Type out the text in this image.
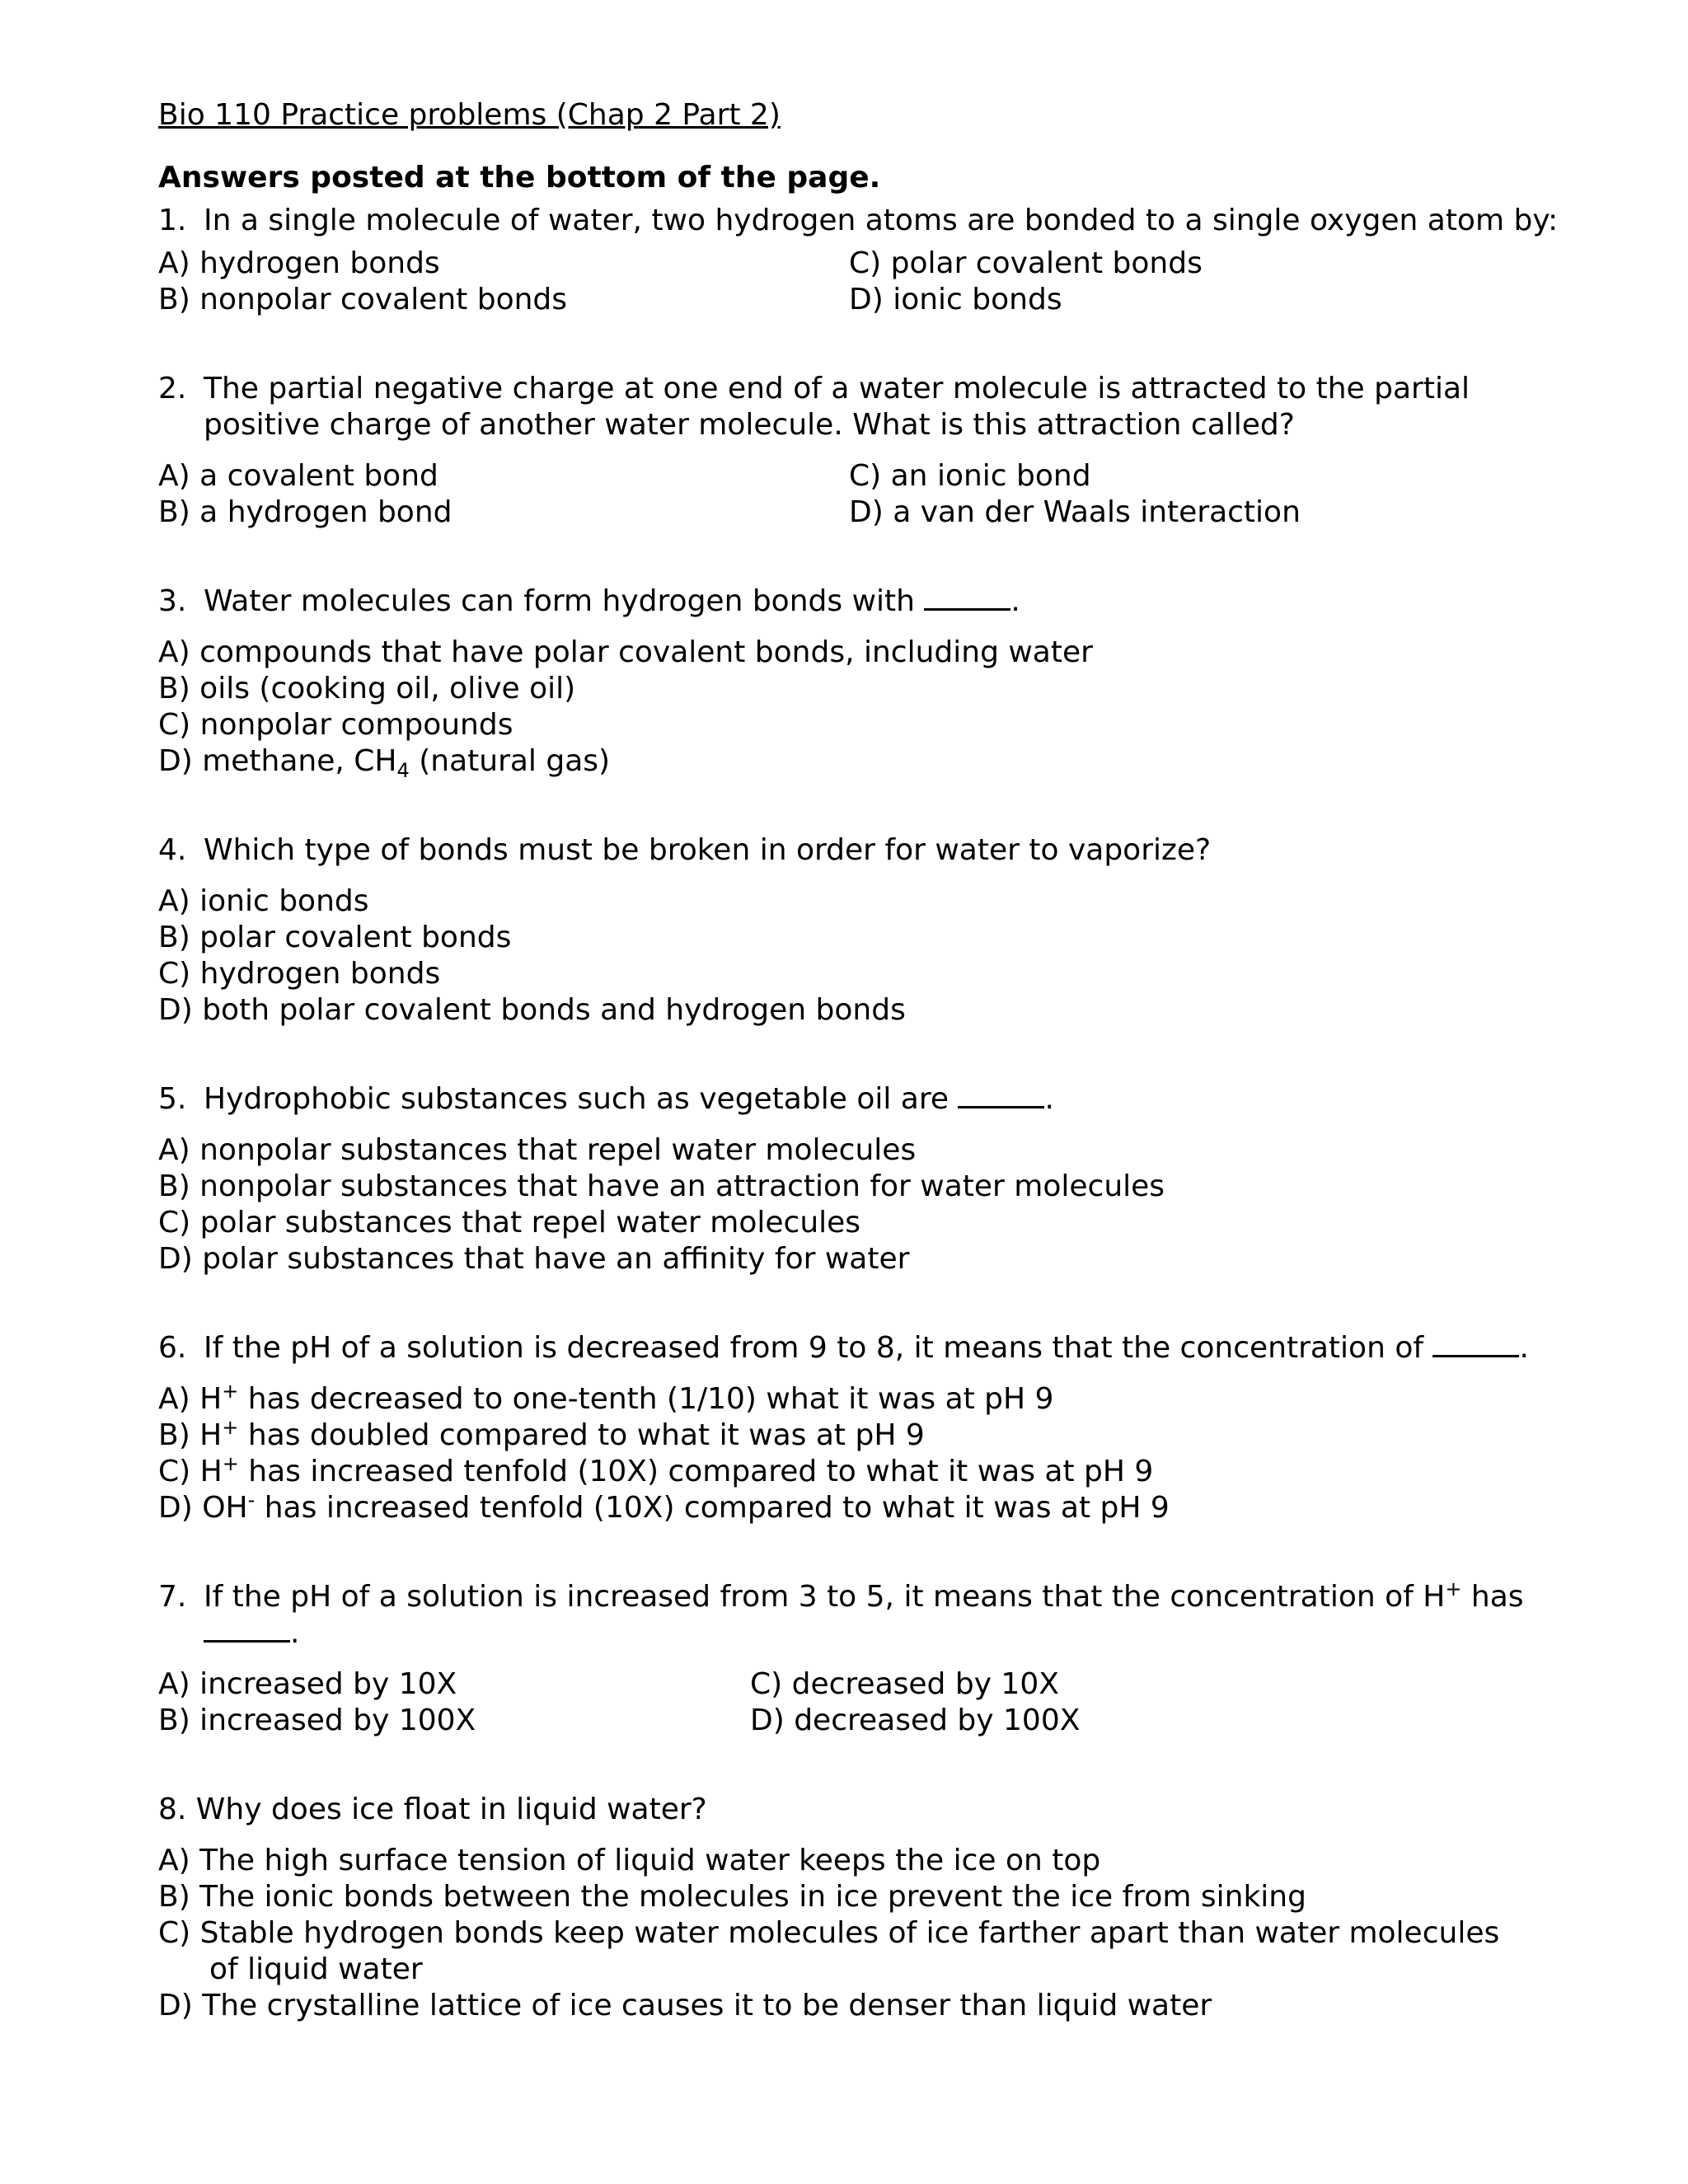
Bio 110 Practice problems (Chap 2 Part 2)

Answers posted at the bottom of the page.

1. In a single molecule of water, two hydrogen atoms are bonded to a single oxygen atom by:

A) hydrogen bonds	C) polar covalent bonds

B) nonpolar covalent bonds	D) ionic bonds

2. The partial negative charge at one end of a water molecule is attracted to the partial positive charge of another water molecule. What is this attraction called?

A) a covalent bond	C) an ionic bond

B) a hydrogen bond	D) a van der Waals interaction

3. Water molecules can form hydrogen bonds with	.

A) compounds that have polar covalent bonds, including water

B) oils (cooking oil, olive oil)

C) nonpolar compounds

D) methane, $CH_4$ (natural gas)

4. Which type of bonds must be broken in order for water to vaporize?

A) ionic bonds

B) polar covalent bonds

C) hydrogen bonds

D) both polar covalent bonds and hydrogen bonds

5. Hydrophobic substances such as vegetable oil are	.

A) nonpolar substances that repel water molecules

B) nonpolar substances that have an attraction for water molecules

C) polar substances that repel water molecules

D) polar substances that have an affinity for water

6. If the pH of a solution is decreased from 9 to 8, it means that the concentration of	.

A) H+ has decreased to one-tenth (1/10) what it was at pH 9

B) H+ has doubled compared to what it was at pH 9

C) H+ has increased tenfold (10X) compared to what it was at pH 9

D) OH- has increased tenfold (10X) compared to what it was at pH 9

7. If the pH of a solution is increased from 3 to 5, it means that the concentration of H+ has .

A) increased by 10X	C) decreased by 10X

B) increased by 100X	D) decreased by 100X

8. Why does ice float in liquid water?

A) The high surface tension of liquid water keeps the ice on top

B) The ionic bonds between the molecules in ice prevent the ice from sinking

C) Stable hydrogen bonds keep water molecules of ice farther apart than water molecules of liquid water

D) The crystalline lattice of ice causes it to be denser than liquid water
